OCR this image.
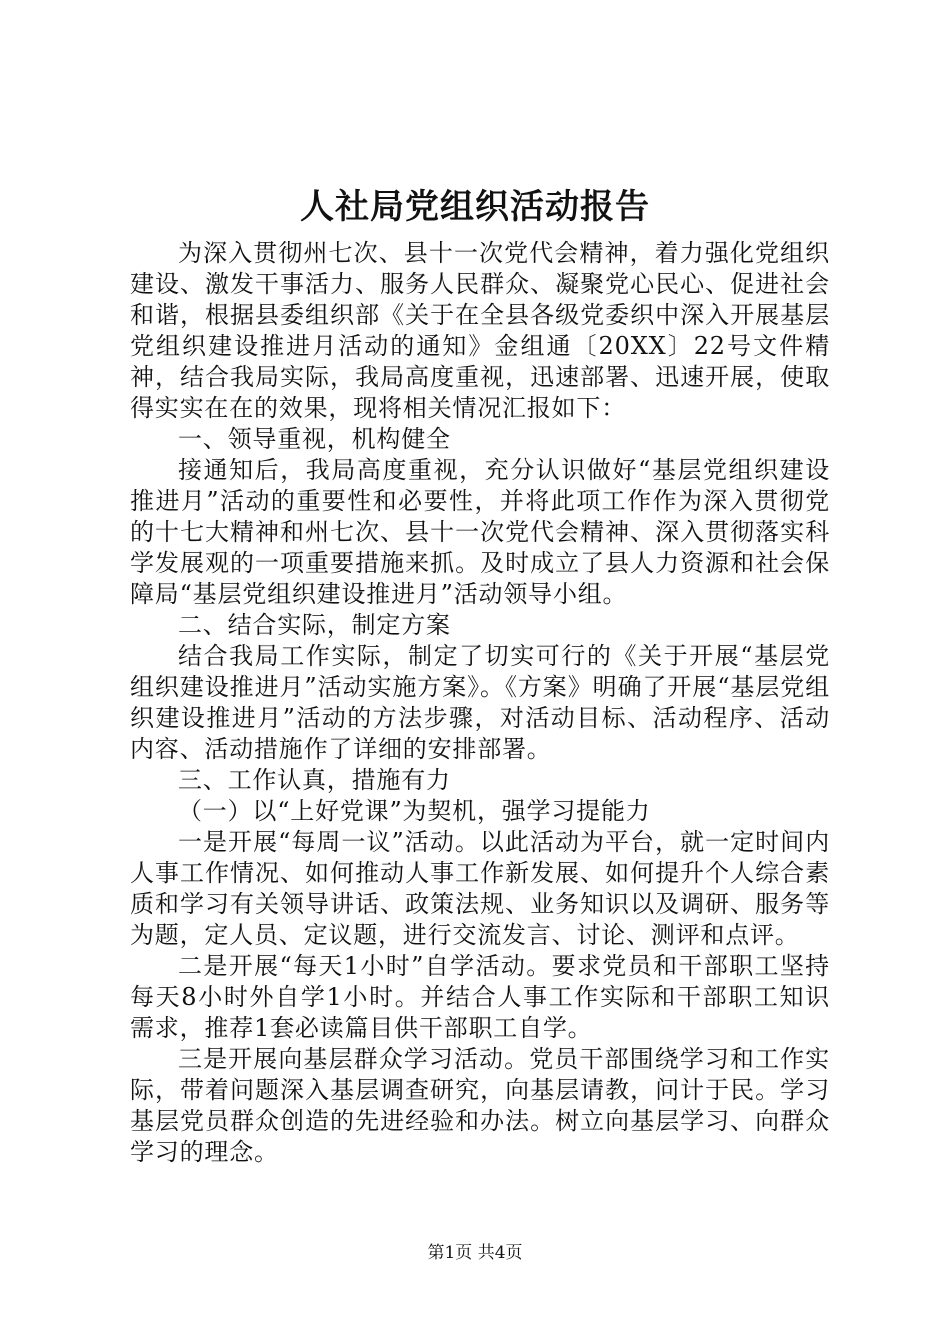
人社局党组织活动报告

为深入贯彻州七次、县十一次党代会精神，着力强化党组织建设、激发干事活力、服务人民群众、凝聚党心民心、促进社会和谐，根据县委组织部《关于在全县各级党委织中深入开展基层党组织建设推进月活动的通知》金组通〔20XX〕22号文件精神，结合我局实际，我局高度重视，迅速部署、迅速开展，使取得实实在在的效果，现将相关情况汇报如下：

一、领导重视，机构健全

接通知后，我局高度重视，充分认识做好“基层党组织建设推进月”活动的重要性和必要性，并将此项工作作为深入贯彻党的十七大精神和州七次、县十一次党代会精神、深入贯彻落实科学发展观的一项重要措施来抓。及时成立了县人力资源和社会保障局“基层党组织建设推进月”活动领导小组。

二、结合实际，制定方案

结合我局工作实际，制定了切实可行的《关于开展“基层党组织建设推进月”活动实施方案》。《方案》明确了开展“基层党组织建设推进月”活动的方法步骤，对活动目标、活动程序、活动内容、活动措施作了详细的安排部署。

三、工作认真，措施有力

（一）以“上好党课”为契机，强学习提能力

一是开展“每周一议”活动。以此活动为平台，就一定时间内人事工作情况、如何推动人事工作新发展、如何提升个人综合素质和学习有关领导讲话、政策法规、业务知识以及调研、服务等为题，定人员、定议题，进行交流发言、讨论、测评和点评。

二是开展“每天1小时”自学活动。要求党员和干部职工坚持每天8小时外自学1小时。并结合人事工作实际和干部职工知识需求，推荐1套必读篇目供干部职工自学。

三是开展向基层群众学习活动。党员干部围绕学习和工作实际，带着问题深入基层调查研究，向基层请教，问计于民。学习基层党员群众创造的先进经验和办法。树立向基层学习、向群众学习的理念。

第1页 共4页
